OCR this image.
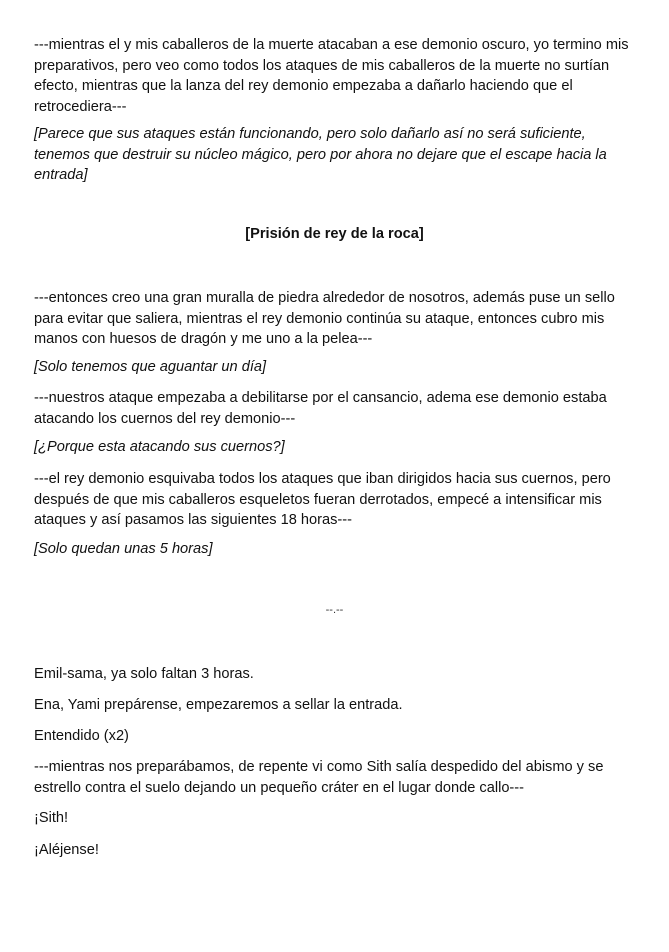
---mientras el y mis caballeros de la muerte atacaban a ese demonio oscuro, yo termino mis preparativos, pero veo como todos los ataques de mis caballeros de la muerte no surtían efecto, mientras que la lanza del rey demonio empezaba a dañarlo haciendo que el retrocediera---

[Parece que sus ataques están funcionando, pero solo dañarlo así no será suficiente, tenemos que destruir su núcleo mágico, pero por ahora no dejare que el escape hacia la entrada]

[Prisión de rey de la roca]

---entonces creo una gran muralla de piedra alrededor de nosotros, además puse un sello para evitar que saliera, mientras el rey demonio continúa su ataque, entonces cubro mis manos con huesos de dragón y me uno a la pelea---

[Solo tenemos que aguantar un día]

---nuestros ataque empezaba a debilitarse por el cansancio, adema ese demonio estaba atacando los cuernos del rey demonio---

[¿Porque esta atacando sus cuernos?]

---el rey demonio esquivaba todos los ataques que iban dirigidos hacia sus cuernos, pero después de que mis caballeros esqueletos fueran derrotados, empecé a intensificar mis ataques y así pasamos las siguientes 18 horas---

[Solo quedan unas 5 horas]

--.--

Emil-sama, ya solo faltan 3 horas.

Ena, Yami prepárense, empezaremos a sellar la entrada.

Entendido (x2)

---mientras nos preparábamos, de repente vi como Sith salía despedido del abismo y se estrello contra el suelo dejando un pequeño cráter en el lugar donde callo---

¡Sith!

¡Aléjense!
